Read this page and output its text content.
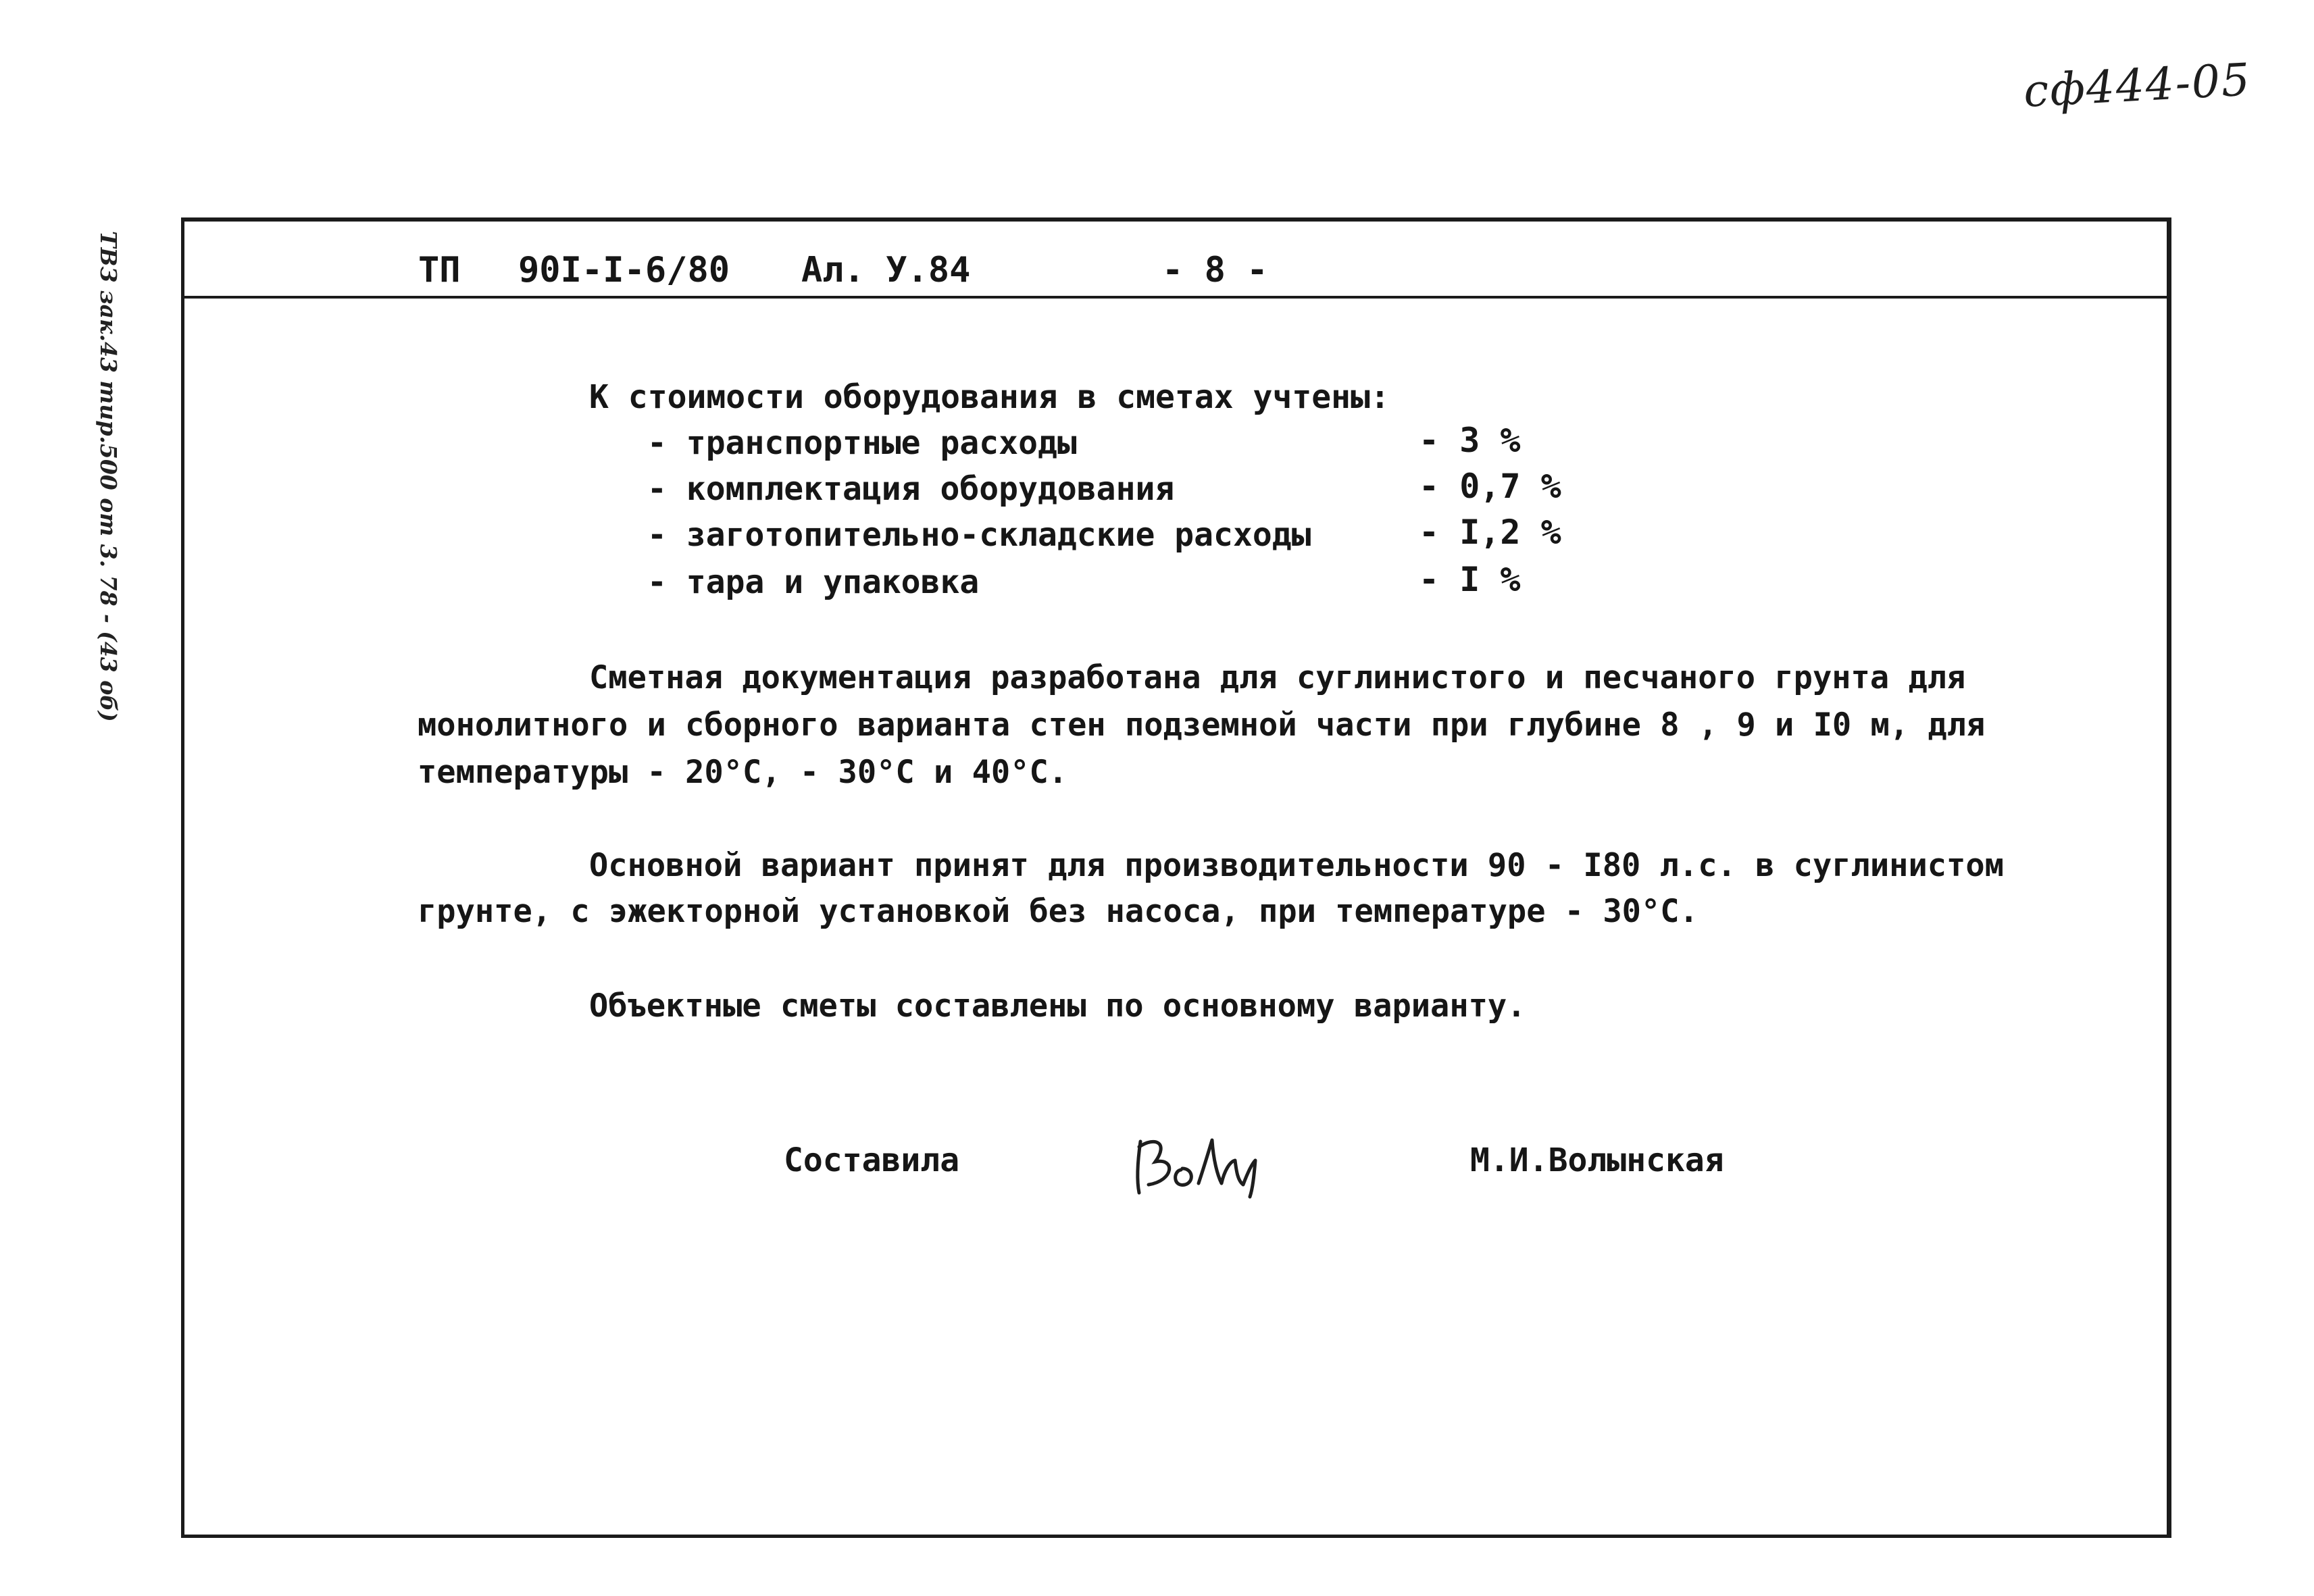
сф444-05
ТВЗ зак.43 тир.500 от 3. 78 - (43 об)	ТП 90I-I-6/80 Ал. У.84	- 8 -
К стоимости оборудования в сметах учтены:
- транспортные расходы	- 3 %
- комплектация оборудования	- 0,7 %
- заготопительно-складские расходы	- I,2 %
- тара и упаковка	- I %
Сметная документация разработана для суглинистого и песчаного грунта для
монолитного и сборного варианта стен подземной части при глубине 8 , 9 и I0 м, для
температуры - 20°С, - 30°С и 40°С.
Основной вариант принят для производительности 90 - I80 л.с. в суглинистом
грунте, с эжекторной установкой без насоса, при температуре - 30°С.
Объектные сметы составлены по основному варианту.
Составила	М.И.Волынская
